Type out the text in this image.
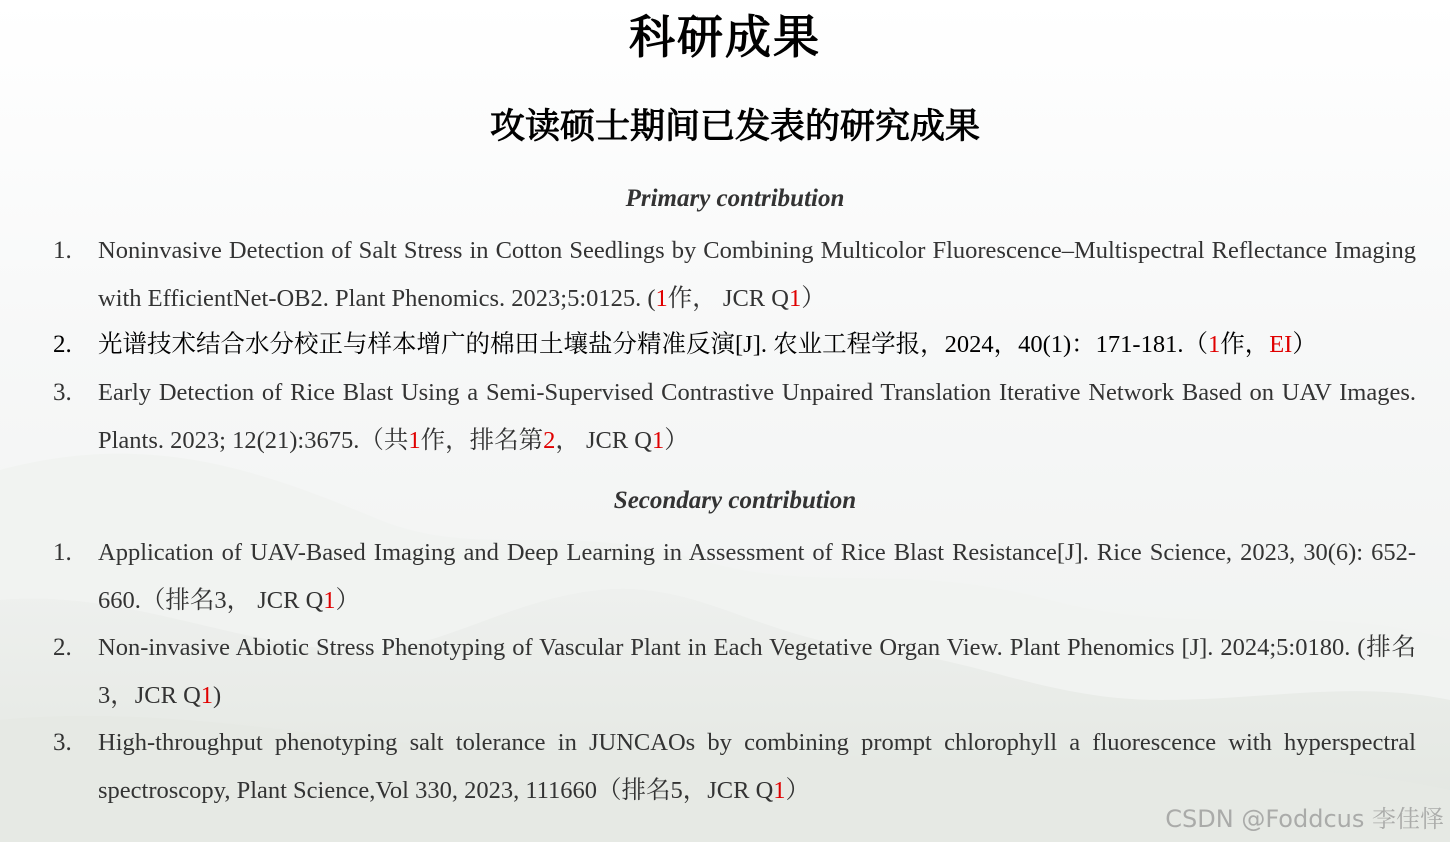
科研成果
攻读硕士期间已发表的研究成果
Primary contribution
1. Noninvasive Detection of Salt Stress in Cotton Seedlings by Combining Multicolor Fluorescence–Multispectral Reflectance Imaging with EfficientNet-OB2. Plant Phenomics. 2023;5:0125. (1作， JCR Q1）

2. 光谱技术结合水分校正与样本增广的棉田土壤盐分精准反演[J]. 农业工程学报，2024，40(1)：171-181.（1作，EI）

3. Early Detection of Rice Blast Using a Semi-Supervised Contrastive Unpaired Translation Iterative Network Based on UAV Images. Plants. 2023; 12(21):3675.（共1作，排名第2， JCR Q1）

Secondary contribution
1. Application of UAV-Based Imaging and Deep Learning in Assessment of Rice Blast Resistance[J]. Rice Science, 2023, 30(6): 652-660.（排名3， JCR Q1）

2. Non-invasive Abiotic Stress Phenotyping of Vascular Plant in Each Vegetative Organ View. Plant Phenomics [J]. 2024;5:0180. (排名3，JCR Q1)

3. High-throughput phenotyping salt tolerance in JUNCAOs by combining prompt chlorophyll a fluorescence with hyperspectral spectroscopy, Plant Science,Vol 330, 2023, 111660（排名5，JCR Q1）

CSDN @Foddcus 李佳怿
